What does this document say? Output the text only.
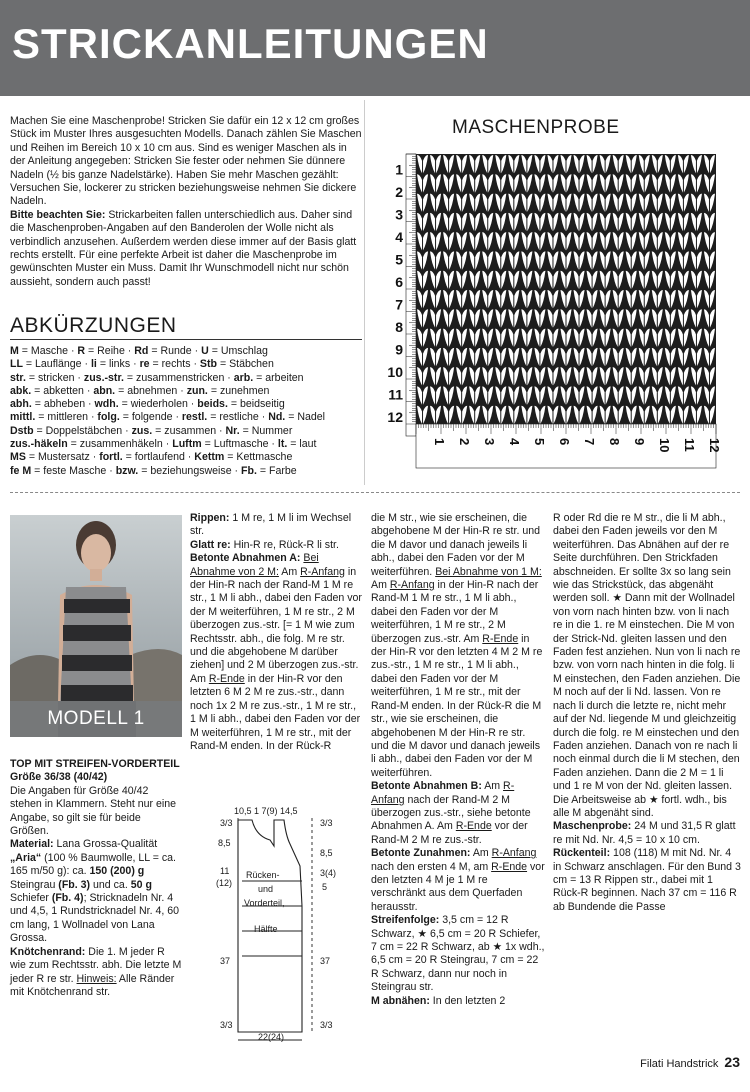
STRICKANLEITUNGEN
Machen Sie eine Maschenprobe! Stricken Sie dafür ein 12 x 12 cm großes Stück im Muster Ihres ausgesuchten Modells. Danach zählen Sie Maschen und Reihen im Bereich 10 x 10 cm aus. Sind es weniger Maschen als in der Anleitung angegeben: Stricken Sie fester oder nehmen Sie dünnere Nadeln (½ bis ganze Nadelstärke). Haben Sie mehr Maschen gezählt: Versuchen Sie, lockerer zu stricken beziehungsweise nehmen Sie dickere Nadeln.
Bitte beachten Sie: Strickarbeiten fallen unterschiedlich aus. Daher sind die Maschenproben-Angaben auf den Banderolen der Wolle nicht als verbindlich anzusehen. Außerdem werden diese immer auf der Basis glatt rechts erstellt. Für eine perfekte Arbeit ist daher die Maschenprobe im gewünschten Muster ein Muss. Damit Ihr Wunschmodell nicht nur schön aussieht, sondern auch passt!
ABKÜRZUNGEN
M = Masche · R = Reihe · Rd = Runde · U = Umschlag
LL = Lauflänge · li = links · re = rechts · Stb = Stäbchen
str. = stricken · zus.-str. = zusammenstricken · arb. = arbeiten
abk. = abketten · abn. = abnehmen · zun. = zunehmen
abh. = abheben · wdh. = wiederholen · beids. = beidseitig
mittl. = mittleren · folg. = folgende · restl. = restliche · Nd. = Nadel
Dstb = Doppelstäbchen · zus. = zusammen · Nr. = Nummer
zus.-häkeln = zusammenhäkeln · Luftm = Luftmasche · lt. = laut
MS = Mustersatz · fortl. = fortlaufend · Kettm = Kettmasche
fe M = feste Masche · bzw. = beziehungsweise · Fb. = Farbe
MASCHENPROBE
1
2
3
4
5
6
7
8
9
10
11
12
1 2 3 4 5 6 7 8 9 10 11 12
MODELL 1
TOP MIT STREIFEN-VORDERTEIL
Größe 36/38 (40/42)
Die Angaben für Größe 40/42 stehen in Klammern. Steht nur eine Angabe, so gilt sie für beide Größen.
Material: Lana Grossa-Qualität „Aria“ (100 % Baumwolle, LL = ca. 165 m/50 g): ca. 150 (200) g Steingrau (Fb. 3) und ca. 50 g Schiefer (Fb. 4); Stricknadeln Nr. 4 und 4,5, 1 Rundstricknadel Nr. 4, 60 cm lang, 1 Wollnadel von Lana Grossa.
Knötchenrand: Die 1. M jeder R wie zum Rechtsstr. abh. Die letzte M jeder R re str. Hinweis: Alle Ränder mit Knötchenrand str.
Rippen: 1 M re, 1 M li im Wechsel str.
Glatt re: Hin-R re, Rück-R li str.
Betonte Abnahmen A: Bei Abnahme von 2 M: Am R-Anfang in der Hin-R nach der Rand-M 1 M re str., 1 M li abh., dabei den Faden vor der M weiterführen, 1 M re str., 2 M überzogen zus.-str. [= 1 M wie zum Rechtsstr. abh., die folg. M re str. und die abgehobene M darüber ziehen] und 2 M überzogen zus.-str. Am R-Ende in der Hin-R vor den letzten 6 M 2 M re zus.-str., dann noch 1x 2 M re zus.-str., 1 M re str., 1 M li abh., dabei den Faden vor der M weiterführen, 1 M re str., mit der Rand-M enden. In der Rück-R
die M str., wie sie erscheinen, die abgehobene M der Hin-R re str. und die M davor und danach jeweils li abh., dabei den Faden vor der M weiterführen. Bei Abnahme von 1 M: Am R-Anfang in der Hin-R nach der Rand-M 1 M re str., 1 M li abh., dabei den Faden vor der M weiterführen, 1 M re str., 2 M überzogen zus.-str. Am R-Ende in der Hin-R vor den letzten 4 M 2 M re zus.-str., 1 M re str., 1 M li abh., dabei den Faden vor der M weiterführen, 1 M re str., mit der Rand-M enden. In der Rück-R die M str., wie sie erscheinen, die abgehobenen M der Hin-R re str. und die M davor und danach jeweils li abh., dabei den Faden vor der M weiterführen.
Betonte Abnahmen B: Am R-Anfang nach der Rand-M 2 M überzogen zus.-str., siehe betonte Abnahmen A. Am R-Ende vor der Rand-M 2 M re zus.-str.
Betonte Zunahmen: Am R-Anfang nach den ersten 4 M, am R-Ende vor den letzten 4 M je 1 M re verschränkt aus dem Querfaden herausstr.
Streifenfolge: 3,5 cm = 12 R Schwarz, ★ 6,5 cm = 20 R Schiefer, 7 cm = 22 R Schwarz, ab ★ 1x wdh., 6,5 cm = 20 R Steingrau, 7 cm = 22 R Schwarz, dann nur noch in Steingrau str.
M abnähen: In den letzten 2
R oder Rd die re M str., die li M abh., dabei den Faden jeweils vor den M weiterführen. Das Abnähen auf der re Seite durchführen. Den Strickfaden abschneiden. Er sollte 3x so lang sein wie das Strickstück, das abgenäht werden soll. ★ Dann mit der Wollnadel von vorn nach hinten bzw. von li nach re in die 1. re M einstechen. Die M von der Strick-Nd. gleiten lassen und den Faden fest anziehen. Nun von li nach re bzw. von vorn nach hinten in die folg. li M einstechen, den Faden anziehen. Die M noch auf der li Nd. lassen. Von re nach li durch die letzte re, nicht mehr auf der Nd. liegende M und gleichzeitig durch die folg. re M einstechen und den Faden anziehen. Danach von re nach li noch einmal durch die li M stechen, den Faden anziehen. Dann die 2 M = 1 li und 1 re M von der Nd. gleiten lassen. Die Arbeitsweise ab ★ fortl. wdh., bis alle M abgenäht sind.
Maschenprobe: 24 M und 31,5 R glatt re mit Nd. Nr. 4,5 = 10 x 10 cm.
Rückenteil: 108 (118) M mit Nd. Nr. 4 in Schwarz anschlagen. Für den Bund 3 cm = 13 R Rippen str., dabei mit 1 Rück-R beginnen. Nach 37 cm = 116 R ab Bundende die Passe
10,5 1 7(9) 14,5
3/3
8,5
11
(12)
37
3/3
3/3
8,5
3(4)
5
37
3/3
Rücken-
und
Vorderteil,
Hälfte
22(24)
Filati Handstrick 23
